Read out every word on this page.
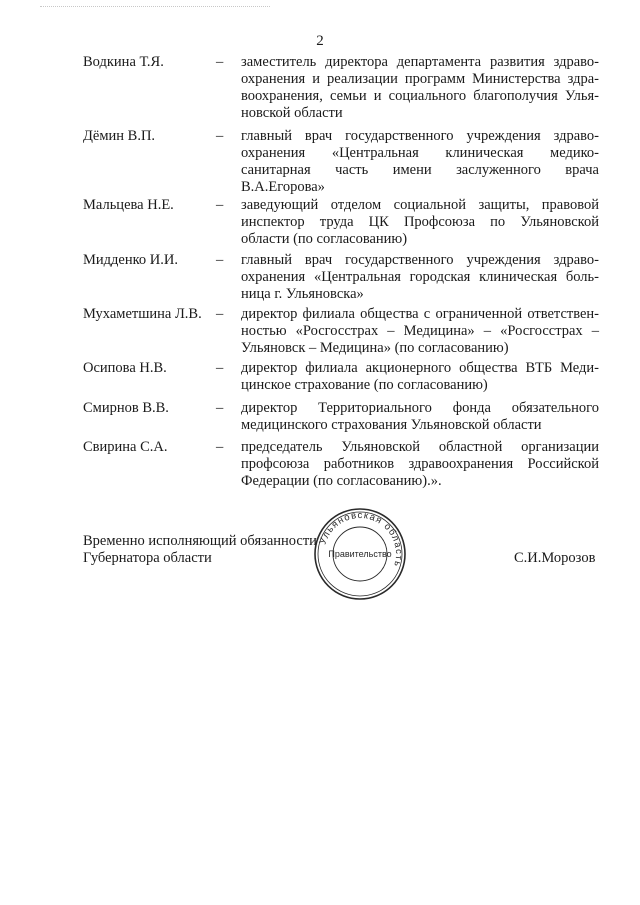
2
Водкина Т.Я.	–	заместитель директора департамента развития здраво-
охранения и реализации программ Министерства здра-
воохранения, семьи и социального благополучия Улья-
новской области
Дёмин В.П.	–	главный врач государственного учреждения здраво-
охранения «Центральная клиническая медико-
санитарная часть имени заслуженного врача
В.А.Егорова»
Мальцева Н.Е.	–	заведующий отделом социальной защиты, правовой
инспектор труда ЦК Профсоюза по Ульяновской
области (по согласованию)
Мидденко И.И.	–	главный врач государственного учреждения здраво-
охранения «Центральная городская клиническая боль-
ница г. Ульяновска»
Мухаметшина Л.В. –	директор филиала общества с ограниченной ответствен-
ностью «Росгосстрах – Медицина» – «Росгосстрах –
Ульяновск – Медицина» (по согласованию)
Осипова Н.В.	–	директор филиала акционерного общества ВТБ Меди-
цинское страхование (по согласованию)
Смирнов В.В.	–	директор Территориального фонда обязательного
медицинского страхования Ульяновской области
Свирина С.А.	–	председатель Ульяновской областной организации
профсоюза работников здравоохранения Российской
Федерации (по согласованию).».
Временно исполняющий обязанности
Губернатора области
Ульяновская область
Правительство	С.И.Морозов
